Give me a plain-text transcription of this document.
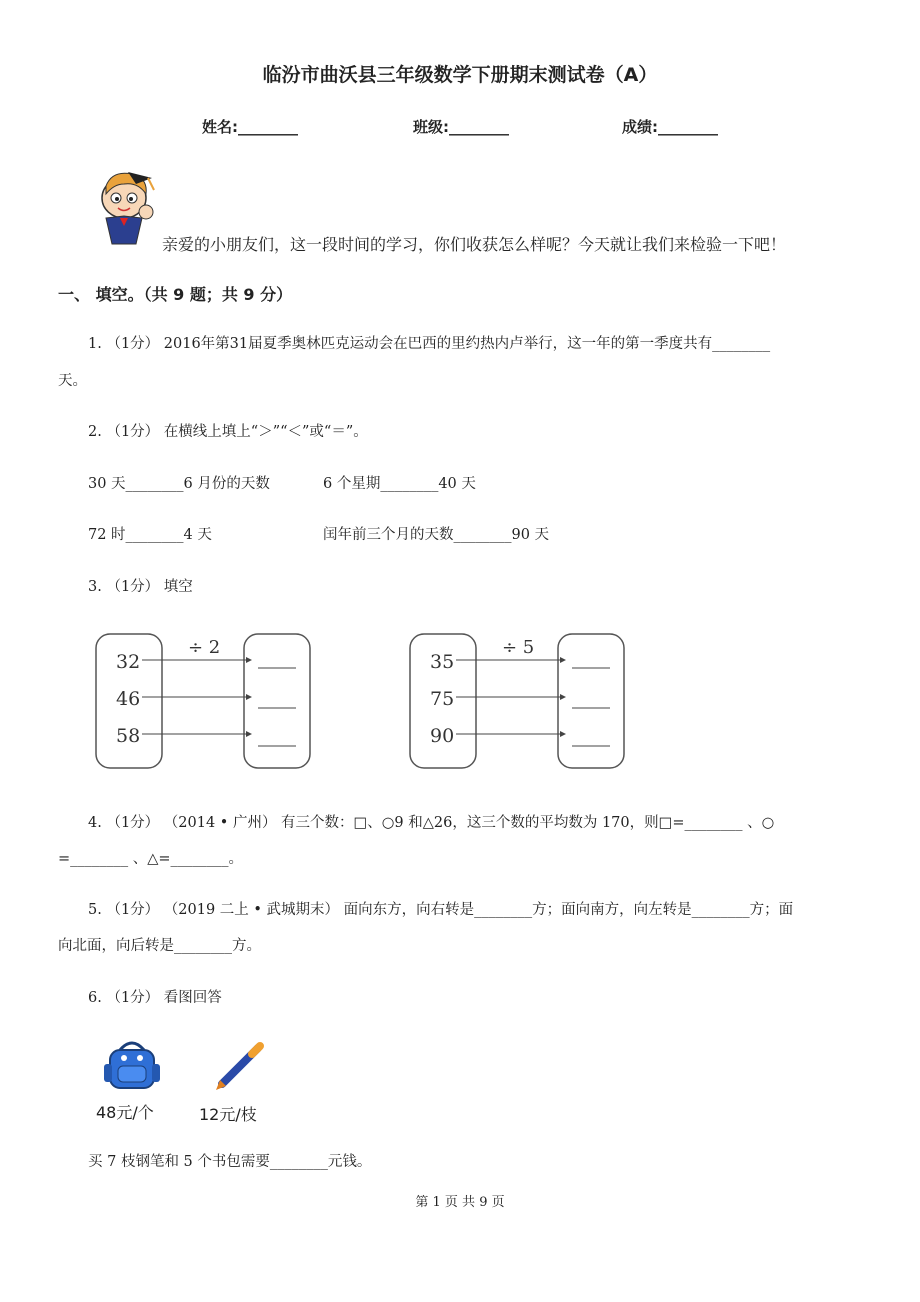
临汾市曲沃县三年级数学下册期末测试卷（A）
姓名:________	班级:________	成绩:________
亲爱的小朋友们，这一段时间的学习，你们收获怎么样呢？今天就让我们来检验一下吧！
一、 填空。（共 9 题；共 9 分）
1. （1分） 2016年第31届夏季奥林匹克运动会在巴西的里约热内卢举行，这一年的第一季度共有________
天。
2. （1分） 在横线上填上“＞”“＜”或“＝”。
30 天________6 月份的天数	6 个星期________40 天
72 时________4 天	闰年前三个月的天数________90 天
3. （1分） 填空
÷ 2
32
46
58
÷ 5
35
75
90
4. （1分） （2014 • 广州） 有三个数：□、○9 和△26，这三个数的平均数为 170，则□=________ 、○
=________ 、△=________。
5. （1分） （2019 二上 • 武城期末） 面向东方，向右转是________方；面向南方，向左转是________方；面
向北面，向后转是________方。
6. （1分） 看图回答
48元/个	12元/枝
买 7 枝钢笔和 5 个书包需要________元钱。
第 1 页 共 9 页
